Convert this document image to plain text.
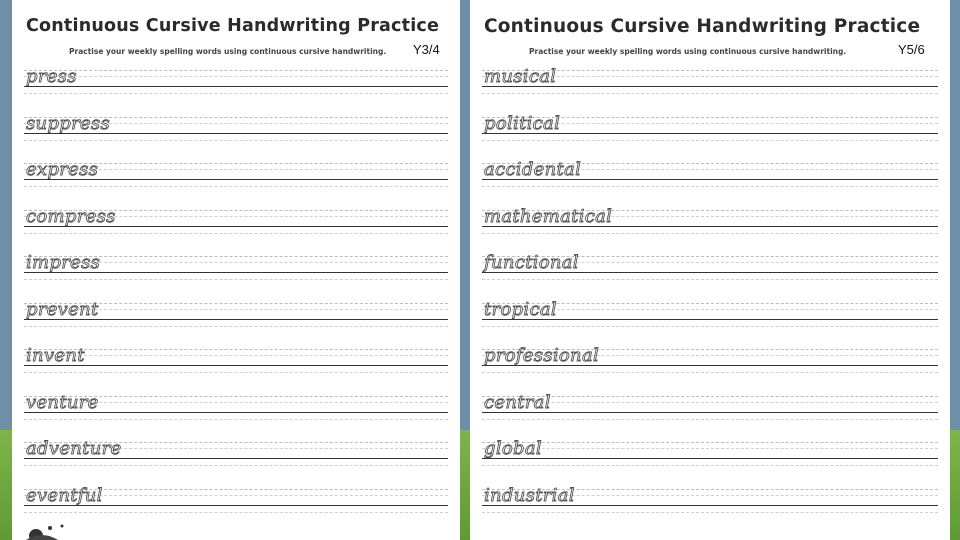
Continuous Cursive Handwriting Practice
Practise your weekly spelling words using continuous cursive handwriting. Y3/4
press
suppress
express
compress
impress
prevent
invent
venture
adventure
eventful
Continuous Cursive Handwriting Practice
Practise your weekly spelling words using continuous cursive handwriting.	Y5/6
musical
political
accidental
mathematical
functional
tropical
professional
central
global
industrial
